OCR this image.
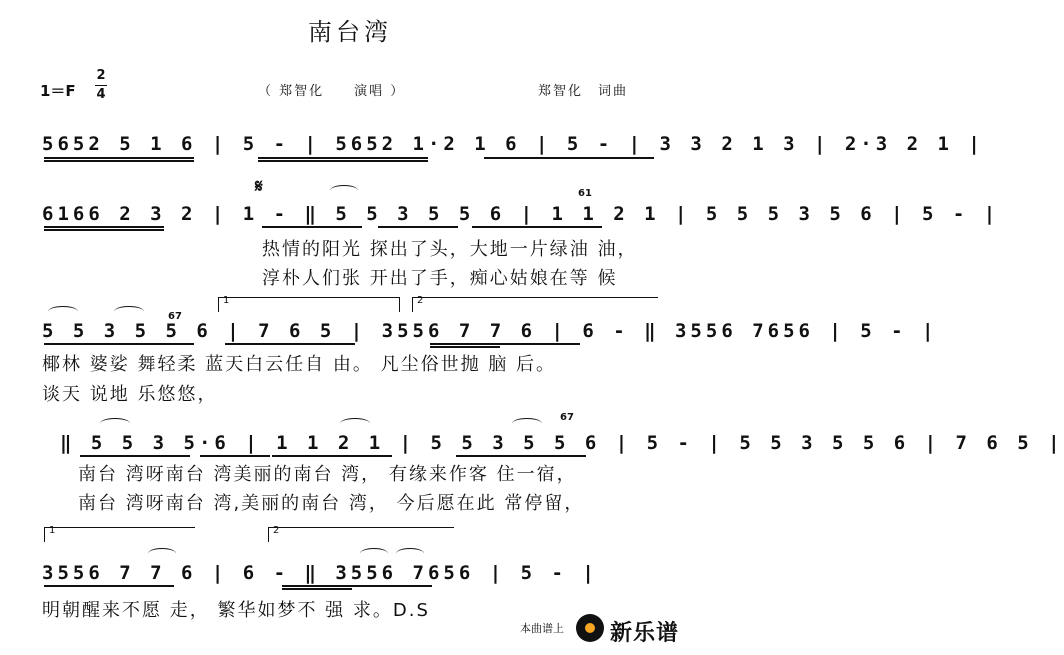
南台湾
1＝F
2
4	（ 郑智化　　演唱 ）	郑智化　词曲
5652 5 1 6 | 5 - | 5652 1·2 1 6 | 5 - | 3 3 2 1 3 | 2·3 2 1 |
𝄋	61
6166 2 3 2 | 1 - ‖ 5 5 3 5 5 6 | 1 1 2 1 | 5 5 5 3 5 6 | 5 - |
热情的阳光 探出了头，大地一片绿油 油，
淳朴人们张 开出了手，痴心姑娘在等 候
1	2
67
5 5 3 5 5 6 | 7 6 5 | 3556 7 7 6 | 6 - ‖ 3556 7656 | 5 - |
椰林 婆娑 舞轻柔 蓝天白云任自 由。 凡尘俗世抛 脑 后。
谈天 说地 乐悠悠，
67
‖ 5 5 3 5·6 | 1 1 2 1 | 5 5 3 5 5 6 | 5 - | 5 5 3 5 5 6 | 7 6 5 |
南台 湾呀南台 湾美丽的南台 湾， 有缘来作客 住一宿，
南台 湾呀南台 湾,美丽的南台 湾， 今后愿在此 常停留，
1	2
3556 7 7 6 | 6 - ‖ 3556 7656 | 5 - |
明朝醒来不愿 走， 繁华如梦不 强 求。D.S
本曲谱上 新乐谱
